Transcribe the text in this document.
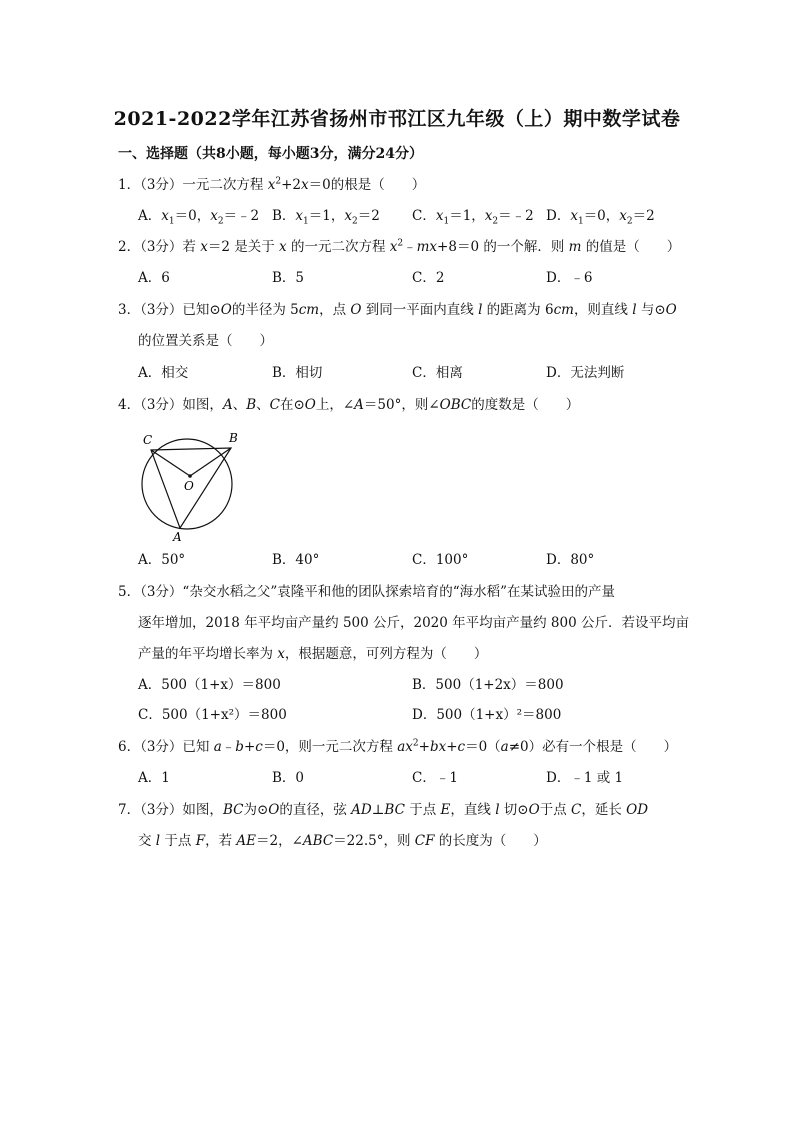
2021-2022学年江苏省扬州市邗江区九年级（上）期中数学试卷
一、选择题（共8小题，每小题3分，满分24分）
1．（3分）一元二次方程 $x^2+2x=0$的根是（　　）
A．$x_1=0$，$x_2=﹣2$ B．$x_1=1$，$x_2=2$ C．$x_1=1$，$x_2=﹣2$ D．$x_1=0$，$x_2=2$
2．（3分）若 x＝2 是关于 x 的一元二次方程 $x^2﹣mx+8=0$ 的一个解．则 m 的值是（　　）
A．6	B．5	C．2	D．﹣6
3．（3分）已知⊙O的半径为 5cm，点 O 到同一平面内直线 l 的距离为 6cm，则直线 l 与⊙O
的位置关系是（　　）
A．相交	B．相切	C．相离	D．无法判断
4．（3分）如图，A、B、C在⊙O上，∠A＝50°，则∠OBC的度数是（　　）
C	B
O
A
A．50°	B．40°	C．100°	D．80°
5．（3分）“杂交水稻之父”袁隆平和他的团队探索培育的“海水稻”在某试验田的产量
逐年增加，2018 年平均亩产量约 500 公斤，2020 年平均亩产量约 800 公斤．若设平均亩
产量的年平均增长率为 x，根据题意，可列方程为（　　）
A．500（1+x）＝800	B．500（1+2x）＝800
C．500（1+x²）＝800	D．500（1+x）²＝800
6．（3分）已知 a﹣b+c＝0，则一元二次方程 $ax^2+bx+c=0(a\ne 0)$必有一个根是（　　）
A．1	B．0	C．﹣1	D．﹣1 或 1
7．（3分）如图，BC为⊙O的直径，弦 AD⊥BC 于点 E，直线 l 切⊙O于点 C，延长 OD
交 l 于点 F，若 AE＝2，∠ABC＝22.5°，则 CF 的长度为（　　）
